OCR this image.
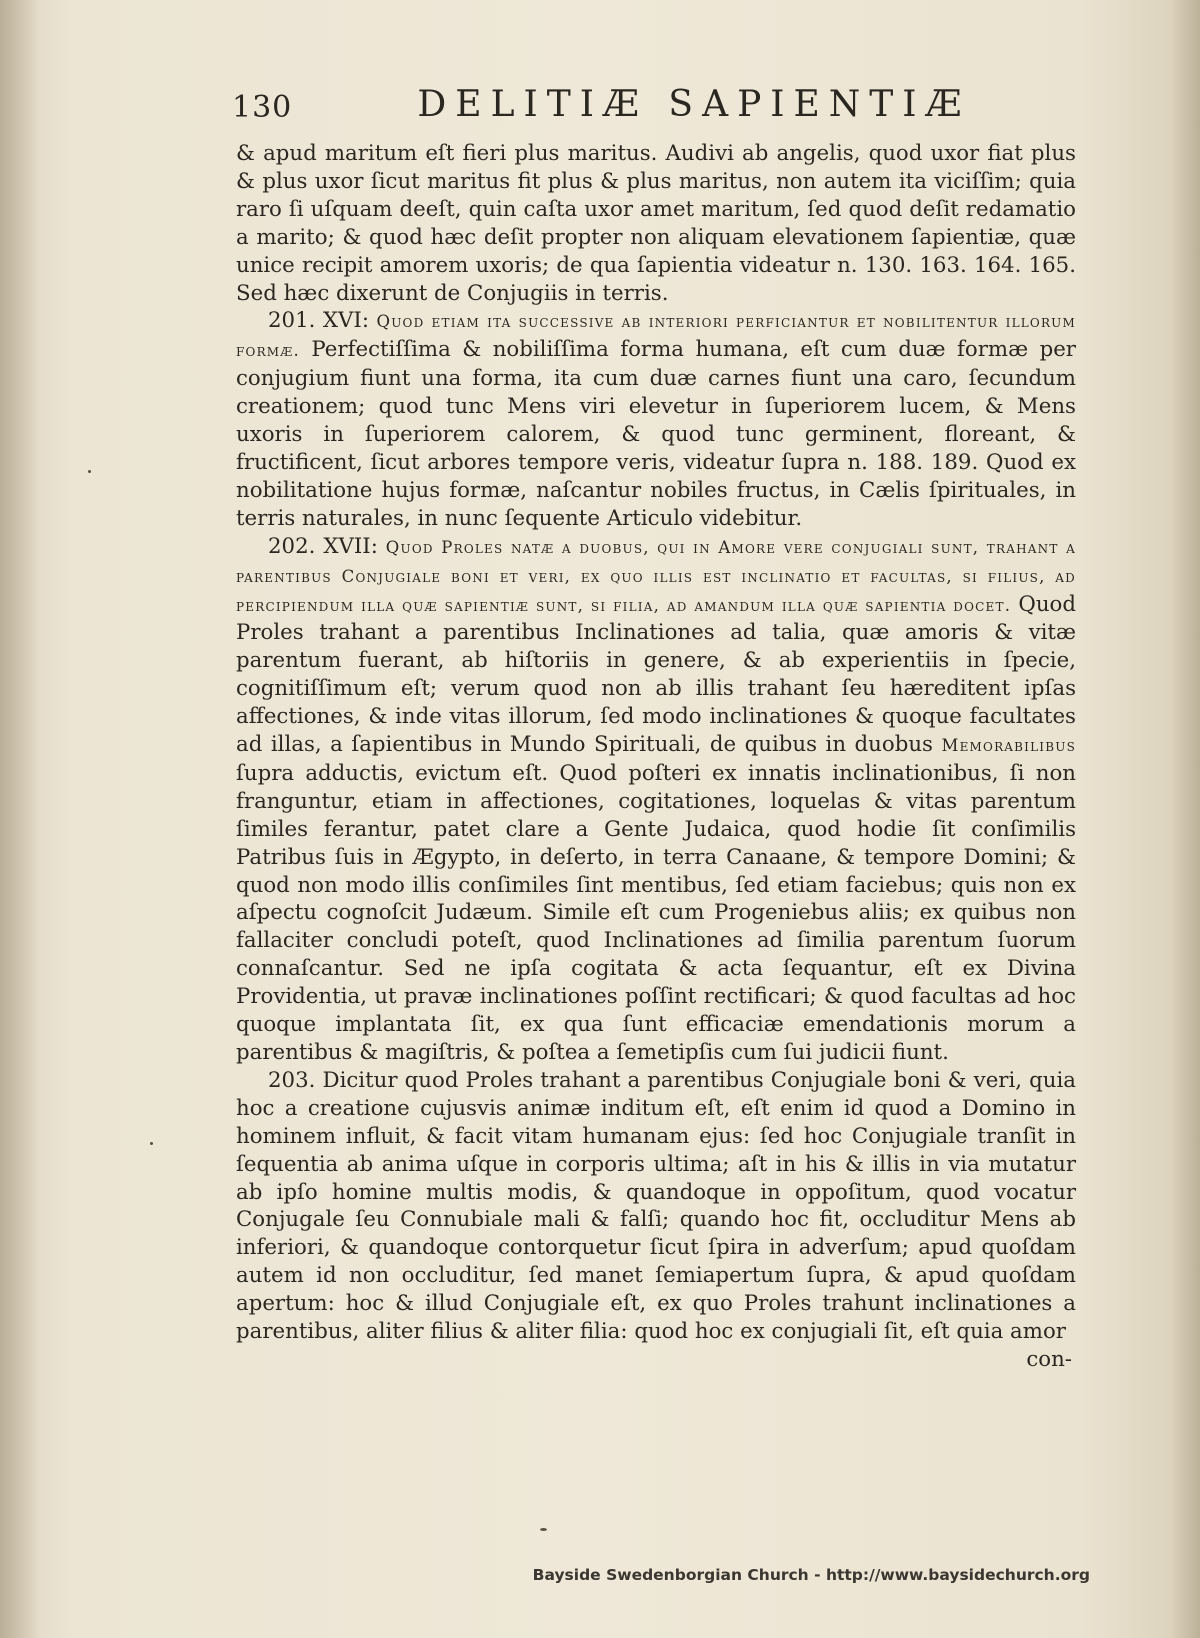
130	DELITIÆ SAPIENTIÆ

& apud maritum eſt fieri plus maritus. Audivi ab angelis, quod uxor fiat plus & plus uxor ſicut maritus fit plus & plus maritus, non autem ita viciſſim; quia raro ſi uſquam deeſt, quin caſta uxor amet maritum, ſed quod deſit redamatio a marito; & quod hæc deſit propter non aliquam elevationem ſapientiæ, quæ unice recipit amorem uxoris; de qua ſapientia videatur n. 130. 163. 164. 165. Sed hæc dixerunt de Conjugiis in terris.

201. XVI: Quod etiam ita successive ab interiori perficiantur et nobilitentur illorum formæ. Perfectiſſima & nobiliſſima forma humana, eſt cum duæ formæ per conjugium fiunt una forma, ita cum duæ carnes fiunt una caro, ſecundum creationem; quod tunc Mens viri elevetur in ſuperiorem lucem, & Mens uxoris in ſuperiorem calorem, & quod tunc germinent, floreant, & fructificent, ſicut arbores tempore veris, videatur ſupra n. 188. 189. Quod ex nobilitatione hujus formæ, naſcantur nobiles fructus, in Cælis ſpirituales, in terris naturales, in nunc ſequente Articulo videbitur.

202. XVII: Quod Proles natæ a duobus, qui in Amore vere conjugiali sunt, trahant a parentibus Conjugiale boni et veri, ex quo illis est inclinatio et facultas, si filius, ad percipiendum illa quæ sapientiæ sunt, si filia, ad amandum illa quæ sapientia docet. Quod Proles trahant a parentibus Inclinationes ad talia, quæ amoris & vitæ parentum fuerant, ab hiſtoriis in genere, & ab experientiis in ſpecie, cognitiſſimum eſt; verum quod non ab illis trahant ſeu hæreditent ipſas affectiones, & inde vitas illorum, ſed modo inclinationes & quoque facultates ad illas, a ſapientibus in Mundo Spirituali, de quibus in duobus Memorabilibus ſupra adductis, evictum eſt. Quod poſteri ex innatis inclinationibus, ſi non franguntur, etiam in affectiones, cogitationes, loquelas & vitas parentum ſimiles ferantur, patet clare a Gente Judaica, quod hodie ſit conſimilis Patribus ſuis in Ægypto, in deſerto, in terra Canaane, & tempore Domini; & quod non modo illis conſimiles ſint mentibus, ſed etiam faciebus; quis non ex aſpectu cognoſcit Judæum. Simile eſt cum Progeniebus aliis; ex quibus non fallaciter concludi poteſt, quod Inclinationes ad ſimilia parentum ſuorum connaſcantur. Sed ne ipſa cogitata & acta ſequantur, eſt ex Divina Providentia, ut pravæ inclinationes poſſint rectificari; & quod facultas ad hoc quoque implantata ſit, ex qua ſunt efficaciæ emendationis morum a parentibus & magiſtris, & poſtea a ſemetipſis cum ſui judicii fiunt.

203. Dicitur quod Proles trahant a parentibus Conjugiale boni & veri, quia hoc a creatione cujusvis animæ inditum eſt, eſt enim id quod a Domino in hominem influit, & facit vitam humanam ejus: ſed hoc Conjugiale tranſit in ſequentia ab anima uſque in corporis ultima; aſt in his & illis in via mutatur ab ipſo homine multis modis, & quandoque in oppoſitum, quod vocatur Conjugale ſeu Connubiale mali & falſi; quando hoc fit, occluditur Mens ab inferiori, & quandoque contorquetur ſicut ſpira in adverſum; apud quoſdam autem id non occluditur, ſed manet ſemiapertum ſupra, & apud quoſdam apertum: hoc & illud Conjugiale eſt, ex quo Proles trahunt inclinationes a parentibus, aliter filius & aliter filia: quod hoc ex conjugiali ſit, eſt quia amor

con-

Bayside Swedenborgian Church - http://www.baysidechurch.org
